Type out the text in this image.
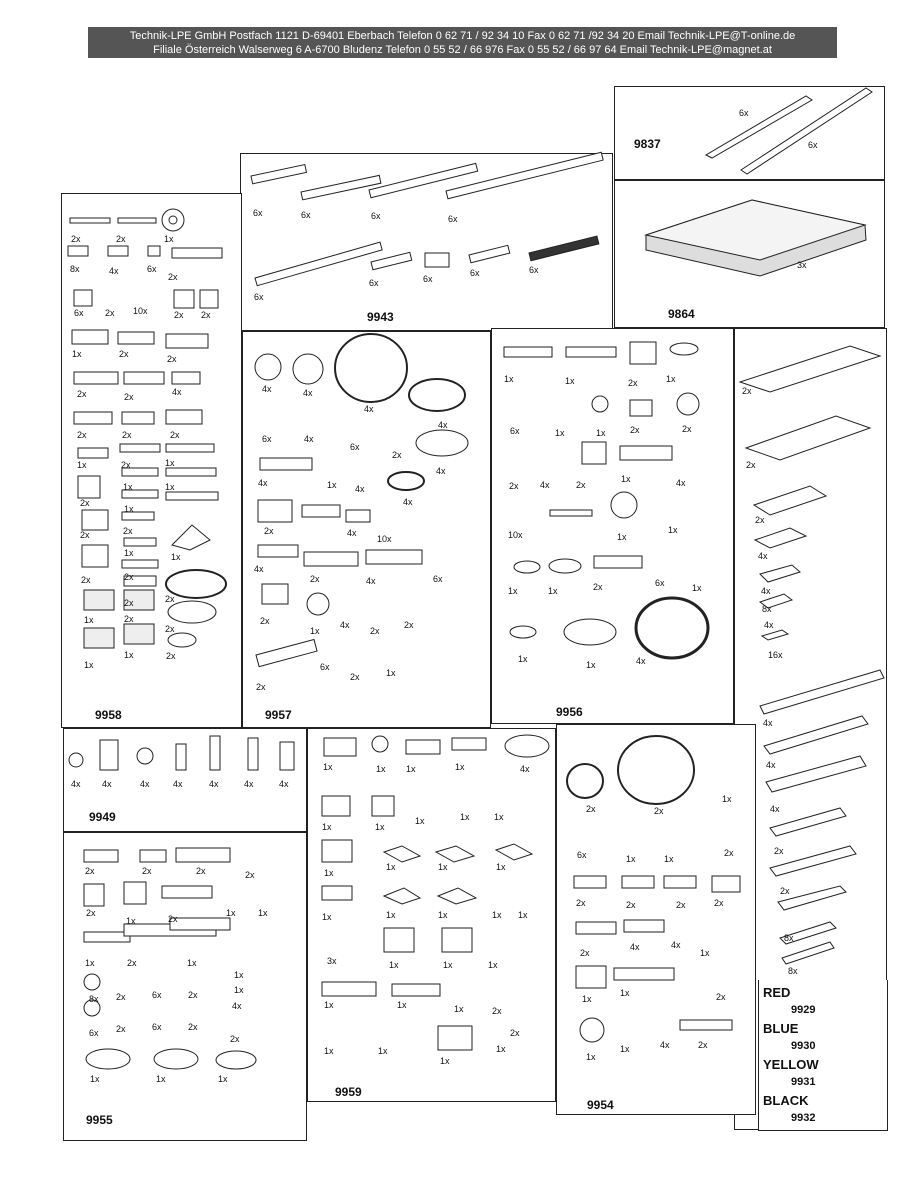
Technik-LPE GmbH Postfach 1121 D-69401 Eberbach Telefon 0 62 71 / 92 34 10 Fax 0 62 71 /92 34 20 Email Technik-LPE@T-online.de
Filiale Österreich Walserweg 6 A-6700 Bludenz Telefon 0 55 52 / 66 976 Fax 0 55 52 / 66 97 64 Email Technik-LPE@magnet.at
9837
9864
9943
9958	9957	9956
9949
9955
9959
9954
RED
9929
BLUE
9930
YELLOW
9931
BLACK
9932
6x
6x
3x
6x	6x	6x	6x
6x
6x	6x
6x	6x
2x	2x	1x
8x	4x	6x
2x
6x 2x 10x	2x 2x
1x	2x	2x
2x	2x	4x
2x	2x	2x
1x	2x	1x
1x	1x
2x
1x
2x	2x
1x
1x
2x	2x
2x
2x
1x	2x
2x
1x
1x	2x
4x	4x
4x
4x
6x	4x
6x
2x
4x
4x	1x 4x
4x
2x	4x
10x
4x
2x	4x	6x
2x
1x
4x
2x
2x
2x
6x
2x	1x
1x	1x	2x	1x
6x	1x	1x	2x	2x
2x 4x	2x
1x	4x
10x	1x
1x
1x	1x	2x	6x	1x
1x
1x	4x
2x
2x
2x
4x
4x
8x
4x
16x
4x
4x
4x
2x
2x
8x
8x
4x 4x	4x	4x	4x	4x	4x
2x	2x	2x	2x
2x
1x	2x
1x 1x
1x	2x	1x
1x
8x 2x	6x	2x	1x
4x
6x 2x	6x	2x
2x
1x	1x	1x
1x	1x 1x	1x	4x
1x	1x
1x	1x	1x
1x
1x	1x	1x
1x	1x	1x	1x 1x
3x	1x	1x	1x
1x	1x	1x	2x
1x	1x
1x
1x
2x
2x	2x
1x
6x	1x	1x
2x
2x	2x	2x	2x
2x
4x	4x
1x
1x
1x	2x
1x
1x	4x	2x
